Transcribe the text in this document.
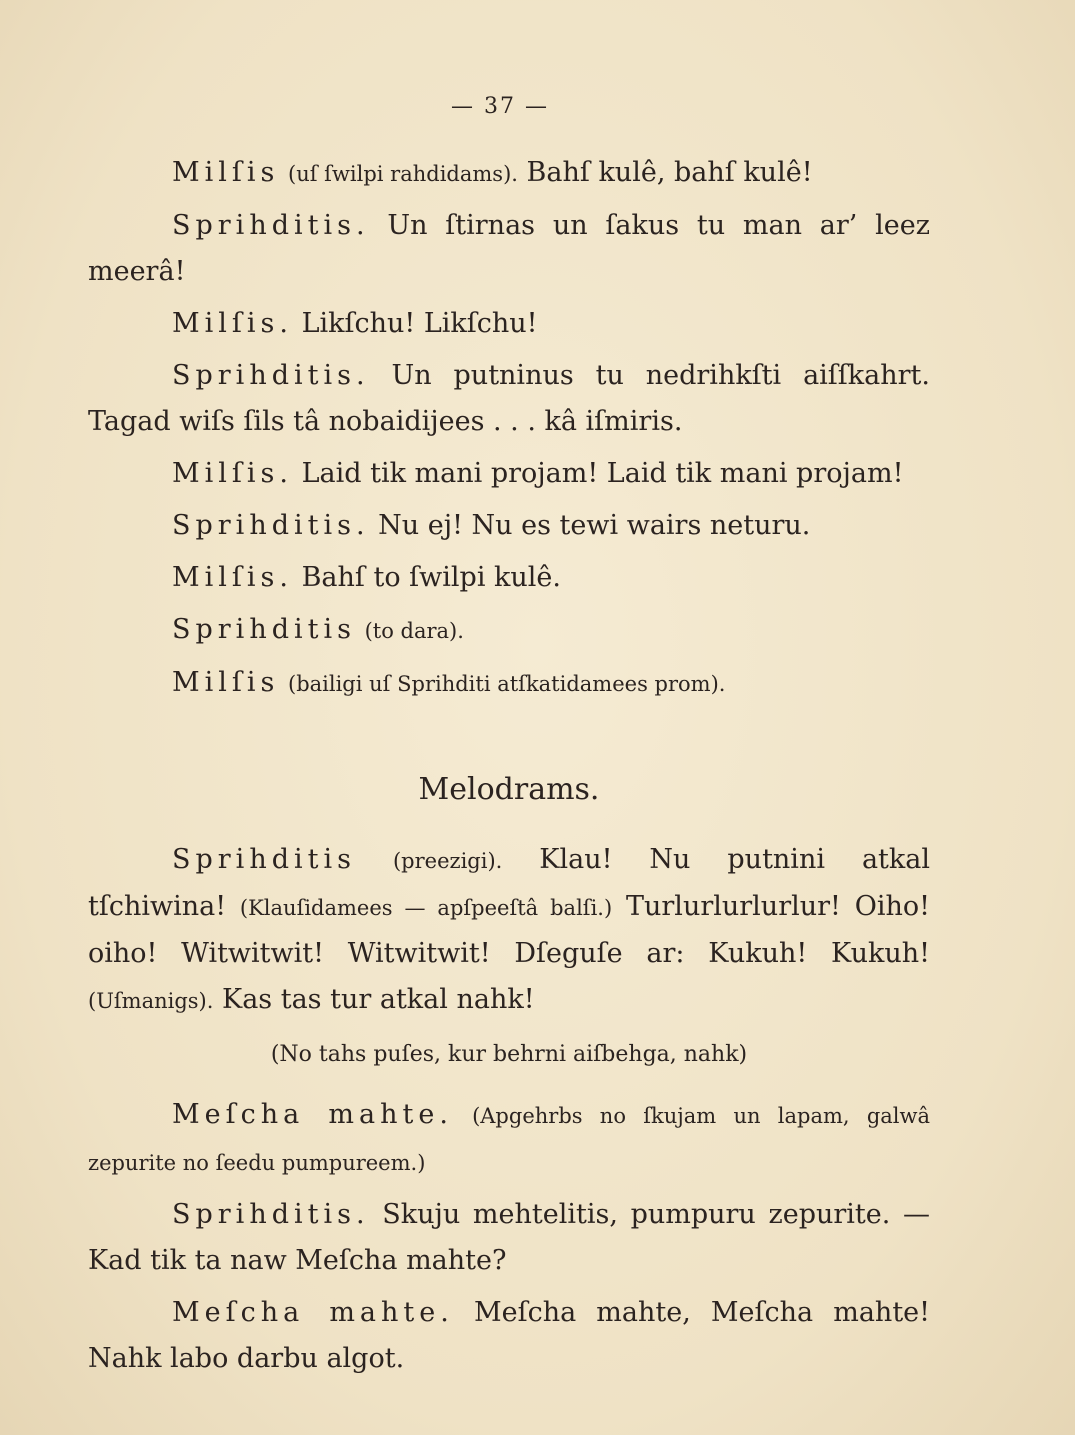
— 37 —

Milſis (uſ ſwilpi rahdidams). Bahſ kulê, bahſ kulê!

Sprihditis. Un ſtirnas un ſakus tu man ar’ leez meerâ!

Milſis. Likſchu! Likſchu!

Sprihditis. Un putninus tu nedrihkſti aiſſkahrt. Tagad wiſs ſils tâ nobaidijees . . . kâ iſmiris.

Milſis. Laid tik mani projam! Laid tik mani projam!

Sprihditis. Nu ej! Nu es tewi wairs neturu.

Milſis. Bahſ to ſwilpi kulê.

Sprihditis (to dara).

Milſis (bailigi uſ Sprihditi atſkatidamees prom).

Melodrams.

Sprihditis (preezigi). Klau! Nu putnini atkal tſchiwina! (Klauſidamees — apſpeeſtâ balſi.) Turlurlurlurlur! Oiho! oiho! Witwitwit! Witwitwit! Dſeguſe ar: Kukuh! Kukuh! (Uſmanigs). Kas tas tur atkal nahk!

(No tahs puſes, kur behrni aiſbehga, nahk)

Meſcha mahte. (Apgehrbs no ſkujam un lapam, galwâ zepurite no ſeedu pumpureem.)

Sprihditis. Skuju mehtelitis, pumpuru zepurite. — Kad tik ta naw Meſcha mahte?

Meſcha mahte. Meſcha mahte, Meſcha mahte! Nahk labo darbu algot.
